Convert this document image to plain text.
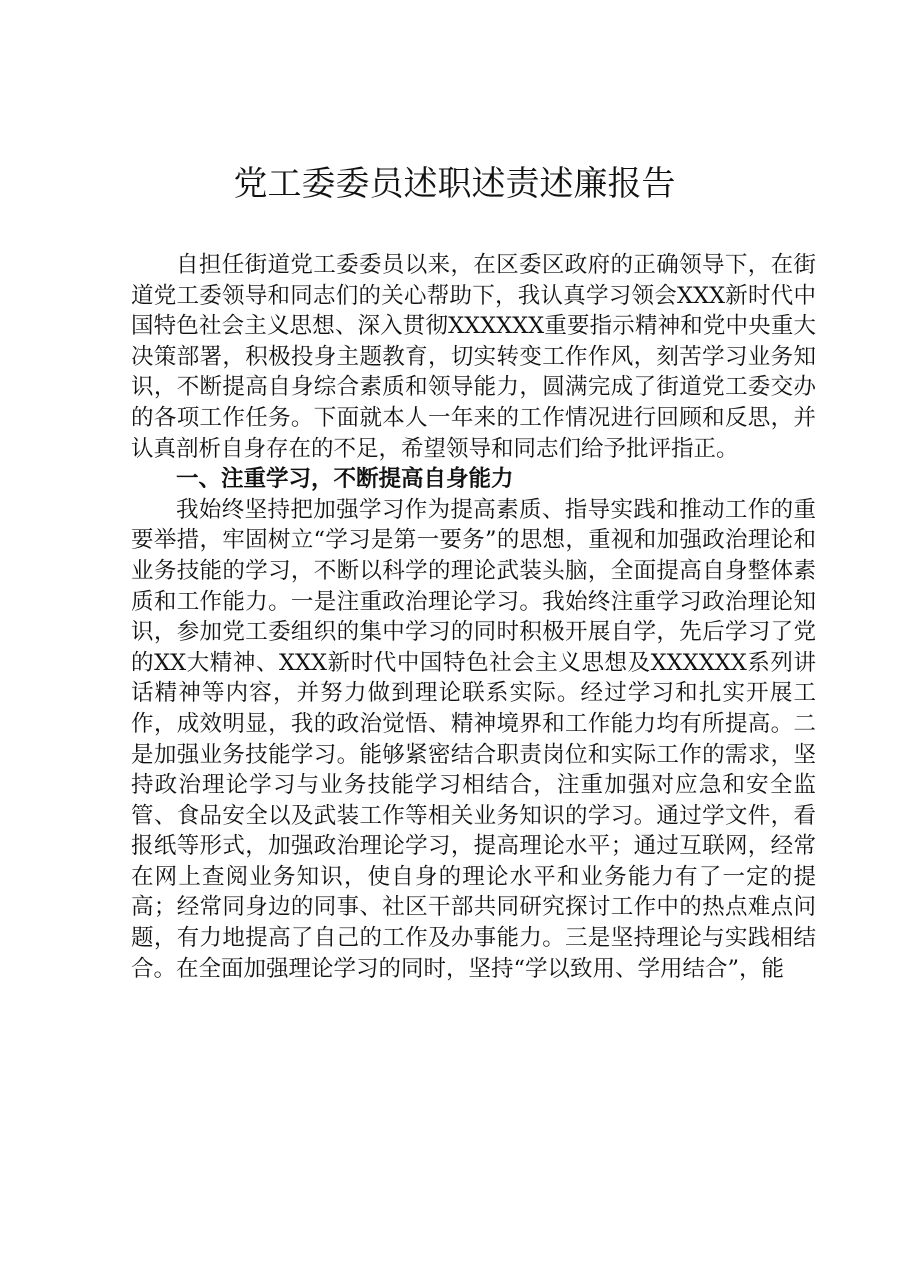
党工委委员述职述责述廉报告

自担任街道党工委委员以来，在区委区政府的正确领导下，在街道党工委领导和同志们的关心帮助下，我认真学习领会XXX新时代中国特色社会主义思想、深入贯彻XXXXXX重要指示精神和党中央重大决策部署，积极投身主题教育，切实转变工作作风，刻苦学习业务知识，不断提高自身综合素质和领导能力，圆满完成了街道党工委交办的各项工作任务。下面就本人一年来的工作情况进行回顾和反思，并认真剖析自身存在的不足，希望领导和同志们给予批评指正。

一、注重学习，不断提高自身能力

我始终坚持把加强学习作为提高素质、指导实践和推动工作的重要举措，牢固树立“学习是第一要务”的思想，重视和加强政治理论和业务技能的学习，不断以科学的理论武装头脑，全面提高自身整体素质和工作能力。一是注重政治理论学习。我始终注重学习政治理论知识，参加党工委组织的集中学习的同时积极开展自学，先后学习了党的XX大精神、XXX新时代中国特色社会主义思想及XXXXXX系列讲话精神等内容，并努力做到理论联系实际。经过学习和扎实开展工作，成效明显，我的政治觉悟、精神境界和工作能力均有所提高。二是加强业务技能学习。能够紧密结合职责岗位和实际工作的需求，坚持政治理论学习与业务技能学习相结合，注重加强对应急和安全监管、食品安全以及武装工作等相关业务知识的学习。通过学文件，看报纸等形式，加强政治理论学习，提高理论水平；通过互联网，经常在网上查阅业务知识，使自身的理论水平和业务能力有了一定的提高；经常同身边的同事、社区干部共同研究探讨工作中的热点难点问题，有力地提高了自己的工作及办事能力。三是坚持理论与实践相结合。在全面加强理论学习的同时，坚持“学以致用、学用结合”，能
